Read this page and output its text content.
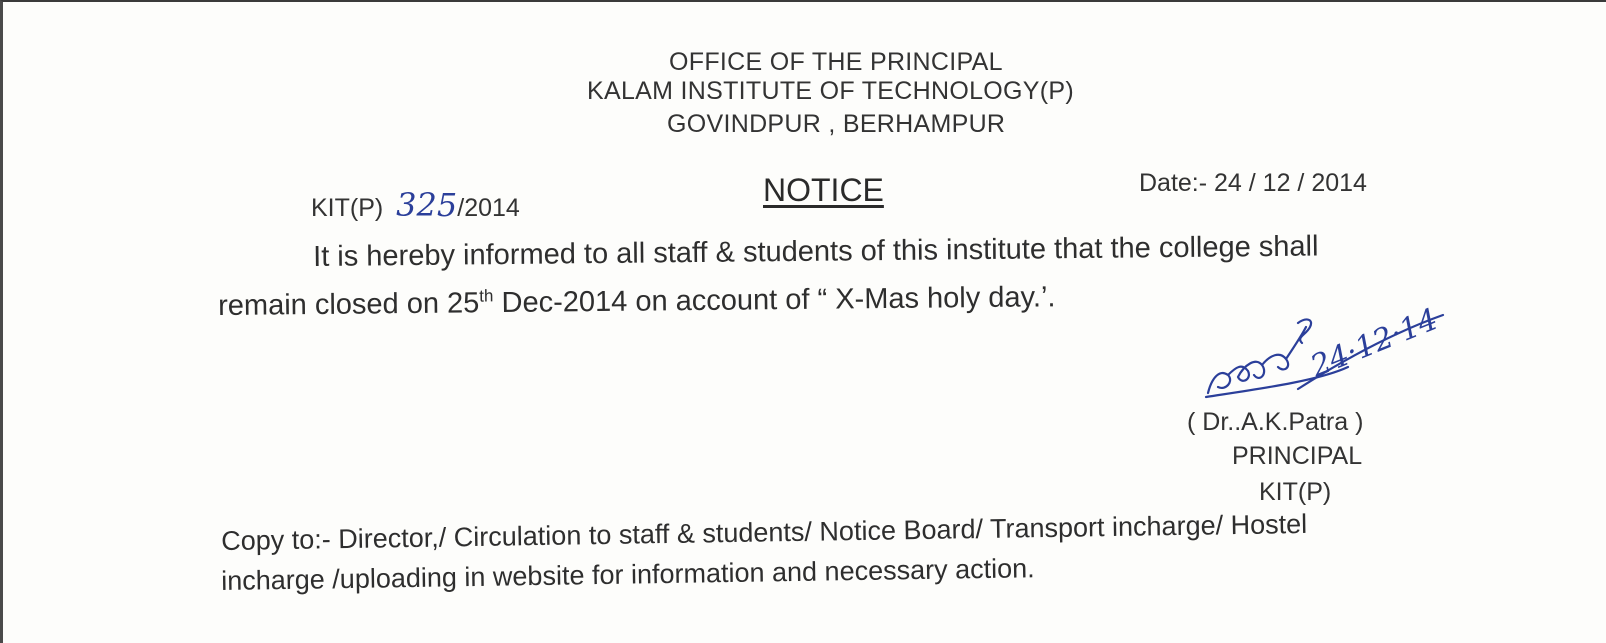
OFFICE OF THE PRINCIPAL
KALAM INSTITUTE OF TECHNOLOGY(P)
GOVINDPUR , BERHAMPUR
KIT(P) 325/2014	NOTICE	Date:- 24 / 12 / 2014
It is hereby informed to all staff & students of this institute that the college shall
remain closed on 25th Dec-2014 on account of “ X-Mas holy day.’.
24·12·14
( Dr..A.K.Patra )
PRINCIPAL
KIT(P)
Copy to:- Director,/ Circulation to staff & students/ Notice Board/ Transport incharge/ Hostel
incharge /uploading in website for information and necessary action.
